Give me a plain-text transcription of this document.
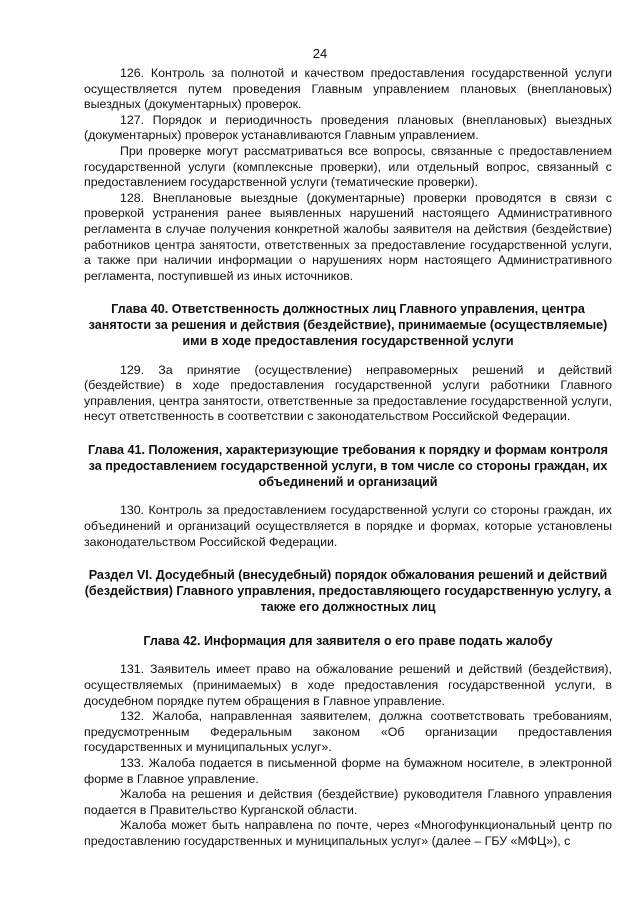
24

126. Контроль за полнотой и качеством предоставления государственной услуги осуществляется путем проведения Главным управлением плановых (внеплановых) выездных (документарных) проверок.

127. Порядок и периодичность проведения плановых (внеплановых) выездных (документарных) проверок устанавливаются Главным управлением.

При проверке могут рассматриваться все вопросы, связанные с предоставлением государственной услуги (комплексные проверки), или отдельный вопрос, связанный с предоставлением государственной услуги (тематические проверки).

128. Внеплановые выездные (документарные) проверки проводятся в связи с проверкой устранения ранее выявленных нарушений настоящего Административного регламента в случае получения конкретной жалобы заявителя на действия (бездействие) работников центра занятости, ответственных за предоставление государственной услуги, а также при наличии информации о нарушениях норм настоящего Административного регламента, поступившей из иных источников.

Глава 40. Ответственность должностных лиц Главного управления, центра занятости за решения и действия (бездействие), принимаемые (осуществляемые) ими в ходе предоставления государственной услуги

129. За принятие (осуществление) неправомерных решений и действий (бездействие) в ходе предоставления государственной услуги работники Главного управления, центра занятости, ответственные за предоставление государственной услуги, несут ответственность в соответствии с законодательством Российской Федерации.

Глава 41. Положения, характеризующие требования к порядку и формам контроля за предоставлением государственной услуги, в том числе со стороны граждан, их объединений и организаций

130. Контроль за предоставлением государственной услуги со стороны граждан, их объединений и организаций осуществляется в порядке и формах, которые установлены законодательством Российской Федерации.

Раздел VI. Досудебный (внесудебный) порядок обжалования решений и действий (бездействия) Главного управления, предоставляющего государственную услугу, а также его должностных лиц
Глава 42. Информация для заявителя о его праве подать жалобу

131. Заявитель имеет право на обжалование решений и действий (бездействия), осуществляемых (принимаемых) в ходе предоставления государственной услуги, в досудебном порядке путем обращения в Главное управление.

132. Жалоба, направленная заявителем, должна соответствовать требованиям, предусмотренным Федеральным законом «Об организации предоставления государственных и муниципальных услуг».

133. Жалоба подается в письменной форме на бумажном носителе, в электронной форме в Главное управление.

Жалоба на решения и действия (бездействие) руководителя Главного управления подается в Правительство Курганской области.

Жалоба может быть направлена по почте, через «Многофункциональный центр по предоставлению государственных и муниципальных услуг» (далее – ГБУ «МФЦ»), с
